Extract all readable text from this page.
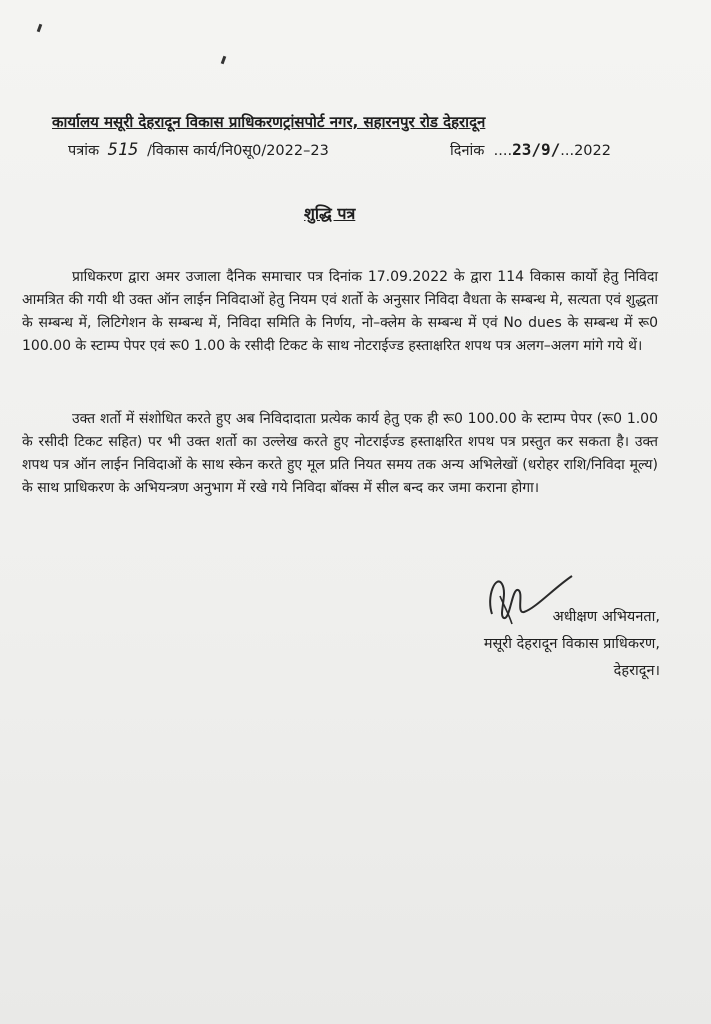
कार्यालय मसूरी देहरादून विकास प्राधिकरणट्रांसपोर्ट नगर, सहारनपुर रोड देहरादून
पत्रांक 515 /विकास कार्य/नि0सू0/2022–23	दिनांक  ....23/9/...2022
शुद्धि पत्र
प्राधिकरण द्वारा अमर उजाला दैनिक समाचार पत्र दिनांक 17.09.2022 के द्वारा 114 विकास कार्यो हेतु निविदा आमत्रित की गयी थी उक्त ऑन लाईन निविदाओं हेतु नियम एवं शर्तो के अनुसार निविदा वैधता के सम्बन्ध मे, सत्यता एवं शुद्धता के सम्बन्ध में, लिटिगेशन के सम्बन्ध में, निविदा समिति के निर्णय, नो–क्लेम के सम्बन्ध में एवं No dues के सम्बन्ध में रू0 100.00 के स्टाम्प पेपर एवं रू0 1.00 के रसीदी टिकट के साथ नोटराईज्ड हस्ताक्षरित शपथ पत्र अलग–अलग मांगे गये थें।
उक्त शर्तो में संशोधित करते हुए अब निविदादाता प्रत्येक कार्य हेतु एक ही रू0 100.00 के स्टाम्प पेपर (रू0 1.00 के रसीदी टिकट सहित) पर भी उक्त शर्तो का उल्लेख करते हुए नोटराईज्ड हस्ताक्षरित शपथ पत्र प्रस्तुत कर सकता है। उक्त शपथ पत्र ऑन लाईन निविदाओं के साथ स्केन करते हुए मूल प्रति नियत समय तक अन्य अभिलेखों (धरोहर राशि/निविदा मूल्य) के साथ प्राधिकरण के अभियन्त्रण अनुभाग में रखे गये निविदा बॉक्स में सील बन्द कर जमा कराना होगा।
अधीक्षण अभियनता,
मसूरी देहरादून विकास प्राधिकरण,
देहरादून।
